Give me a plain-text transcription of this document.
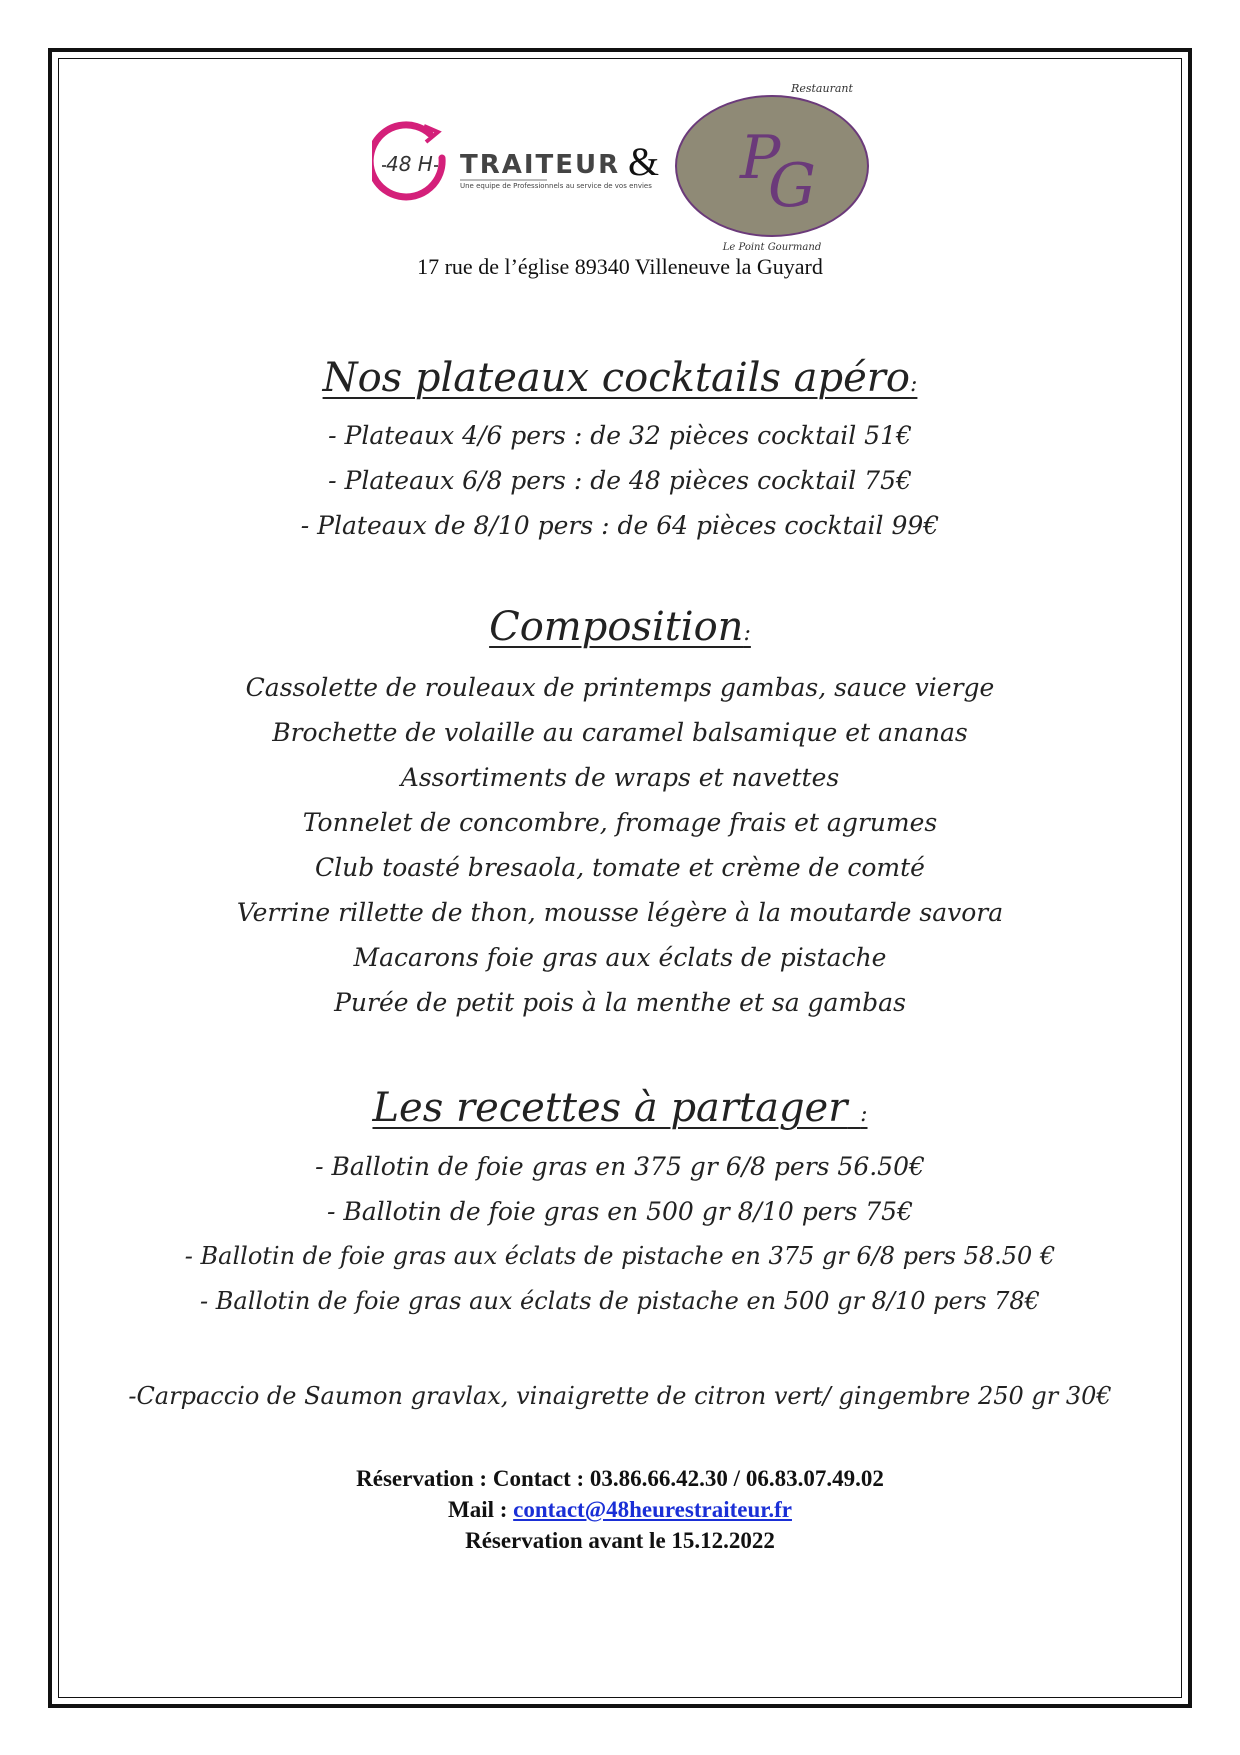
48 H TRAITEUR
Une equipe de Professionnels au service de vos envies
&
Restaurant
P
G
Le Point Gourmand
17 rue de l’église 89340 Villeneuve la Guyard
Nos plateaux cocktails apéro:
- Plateaux 4/6 pers : de 32 pièces cocktail 51€
- Plateaux 6/8 pers : de 48 pièces cocktail 75€
- Plateaux de 8/10 pers : de 64 pièces cocktail 99€
Composition:
Cassolette de rouleaux de printemps gambas, sauce vierge
Brochette de volaille au caramel balsamique et ananas
Assortiments de wraps et navettes
Tonnelet de concombre, fromage frais et agrumes
Club toasté bresaola, tomate et crème de comté
Verrine rillette de thon, mousse légère à la moutarde savora
Macarons foie gras aux éclats de pistache
Purée de petit pois à la menthe et sa gambas
Les recettes à partager :
- Ballotin de foie gras en 375 gr 6/8 pers 56.50€
- Ballotin de foie gras en 500 gr 8/10 pers 75€
- Ballotin de foie gras aux éclats de pistache en 375 gr 6/8 pers 58.50 €
- Ballotin de foie gras aux éclats de pistache en 500 gr 8/10 pers 78€
-Carpaccio de Saumon gravlax, vinaigrette de citron vert/ gingembre 250 gr 30€
Réservation : Contact : 03.86.66.42.30 / 06.83.07.49.02
Mail : contact@48heurestraiteur.fr
Réservation avant le 15.12.2022
